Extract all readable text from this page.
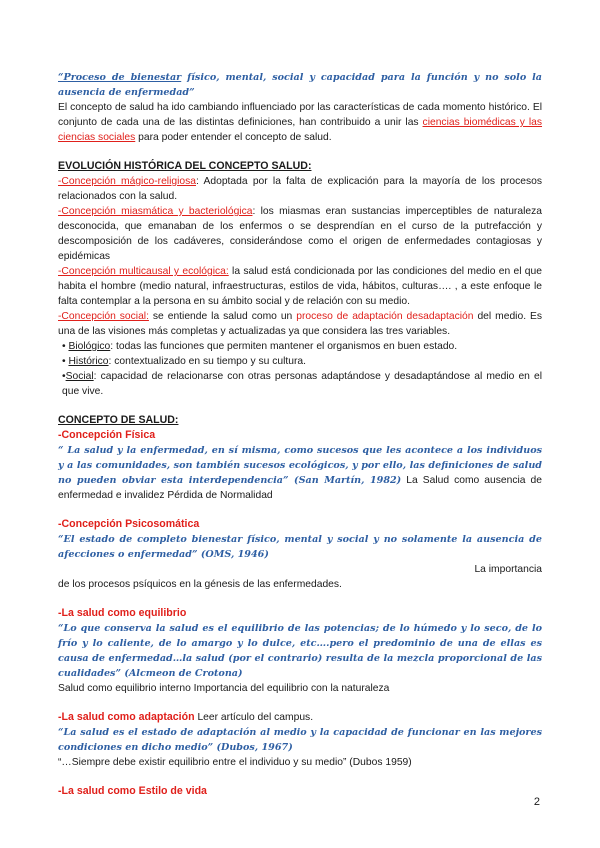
“Proceso de bienestar físico, mental, social y capacidad para la función y no solo la ausencia de enfermedad”

El concepto de salud ha ido cambiando influenciado por las características de cada momento histórico. El conjunto de cada una de las distintas definiciones, han contribuido a unir las ciencias biomédicas y las ciencias sociales para poder entender el concepto de salud.

EVOLUCIÓN HISTÓRICA DEL CONCEPTO SALUD:

-Concepción mágico-religiosa: Adoptada por la falta de explicación para la mayoría de los procesos relacionados con la salud.

-Concepción miasmática y bacteriológica: los miasmas eran sustancias imperceptibles de naturaleza desconocida, que emanaban de los enfermos o se desprendían en el curso de la putrefacción y descomposición de los cadáveres, considerándose como el origen de enfermedades contagiosas y epidémicas

-Concepción multicausal y ecológica: la salud está condicionada por las condiciones del medio en el que habita el hombre (medio natural, infraestructuras, estilos de vida, hábitos, culturas…. , a este enfoque le falta contemplar a la persona en su ámbito social y de relación con su medio.

-Concepción social: se entiende la salud como un proceso de adaptación desadaptación del medio. Es una de las visiones más completas y actualizadas ya que considera las tres variables.

• Biológico: todas las funciones que permiten mantener el organismos en buen estado.

• Histórico: contextualizado en su tiempo y su cultura.

•Social: capacidad de relacionarse con otras personas adaptándose y desadaptándose al medio en el que vive.

CONCEPTO DE SALUD:

-Concepción Física

“ La salud y la enfermedad, en sí misma, como sucesos que les acontece a los individuos y a las comunidades, son también sucesos ecológicos, y por ello, las definiciones de salud no pueden obviar esta interdependencia” (San Martín, 1982) La Salud como ausencia de enfermedad e invalidez Pérdida de Normalidad

-Concepción Psicosomática

“El estado de completo bienestar físico, mental y social y no solamente la ausencia de afecciones o enfermedad” (OMS, 1946)

La importancia

de los procesos psíquicos en la génesis de las enfermedades.

-La salud como equilibrio

“Lo que conserva la salud es el equilibrio de las potencias; de lo húmedo y lo seco, de lo frío y lo caliente, de lo amargo y lo dulce, etc….pero el predominio de una de ellas es causa de enfermedad…la salud (por el contrario) resulta de la mezcla proporcional de las cualidades” (Alcmeon de Crotona)

Salud como equilibrio interno Importancia del equilibrio con la naturaleza

-La salud como adaptación Leer artículo del campus.

“La salud es el estado de adaptación al medio y la capacidad de funcionar en las mejores condiciones en dicho medio” (Dubos, 1967)

“…Siempre debe existir equilibrio entre el individuo y su medio” (Dubos 1959)

-La salud como Estilo de vida

2
